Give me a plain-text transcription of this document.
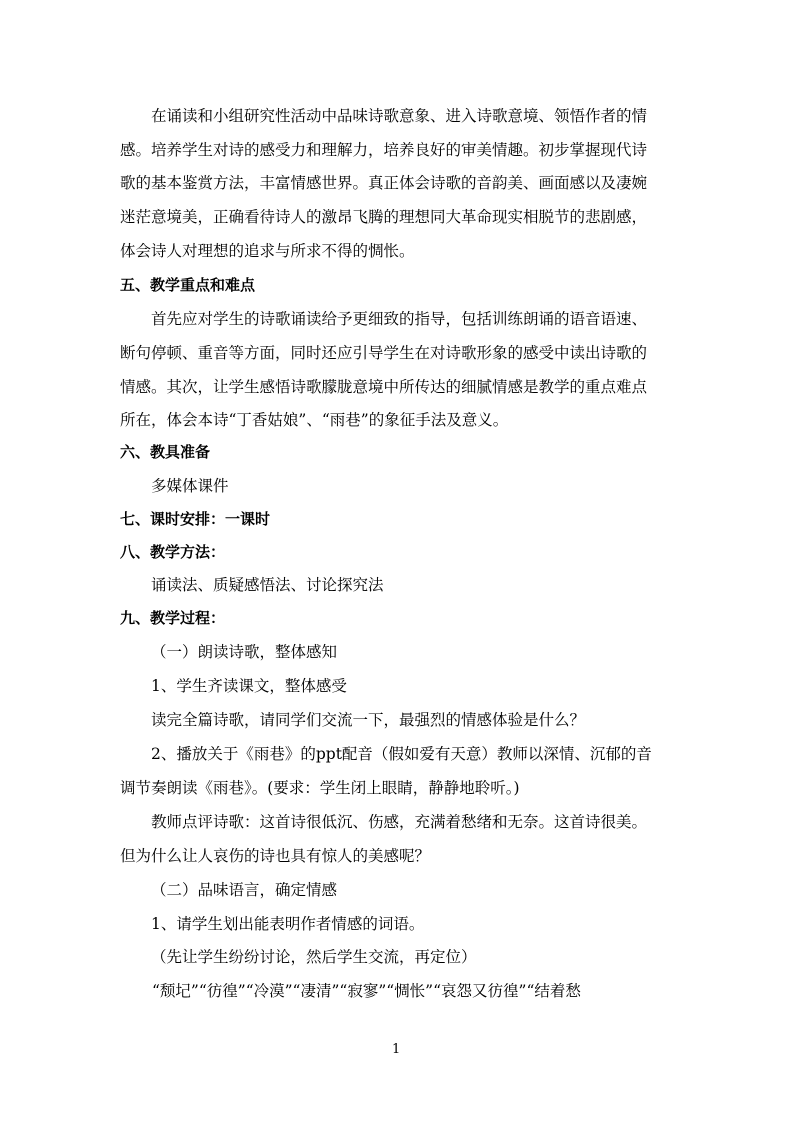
在诵读和小组研究性活动中品味诗歌意象、进入诗歌意境、领悟作者的情
感。培养学生对诗的感受力和理解力，培养良好的审美情趣。初步掌握现代诗
歌的基本鉴赏方法，丰富情感世界。真正体会诗歌的音韵美、画面感以及凄婉
迷茫意境美，正确看待诗人的激昂飞腾的理想同大革命现实相脱节的悲剧感，
体会诗人对理想的追求与所求不得的惆怅。
五、教学重点和难点
首先应对学生的诗歌诵读给予更细致的指导，包括训练朗诵的语音语速、
断句停顿、重音等方面，同时还应引导学生在对诗歌形象的感受中读出诗歌的
情感。其次，让学生感悟诗歌朦胧意境中所传达的细腻情感是教学的重点难点
所在，体会本诗“丁香姑娘”、“雨巷”的象征手法及意义。
六、教具准备
多媒体课件
七、课时安排：一课时
八、教学方法：
诵读法、质疑感悟法、讨论探究法
九、教学过程：
（一）朗读诗歌，整体感知
1、学生齐读课文，整体感受
读完全篇诗歌，请同学们交流一下，最强烈的情感体验是什么？
2、播放关于《雨巷》的ppt配音（假如爱有天意）教师以深情、沉郁的音
调节奏朗读《雨巷》。(要求：学生闭上眼睛，静静地聆听。)
教师点评诗歌：这首诗很低沉、伤感，充满着愁绪和无奈。这首诗很美。
但为什么让人哀伤的诗也具有惊人的美感呢？
（二）品味语言，确定情感
1、请学生划出能表明作者情感的词语。
（先让学生纷纷讨论，然后学生交流，再定位）
“颓圮”“彷徨”“冷漠”“凄清”“寂寥”“惆怅”“哀怨又彷徨”“结着愁
1
